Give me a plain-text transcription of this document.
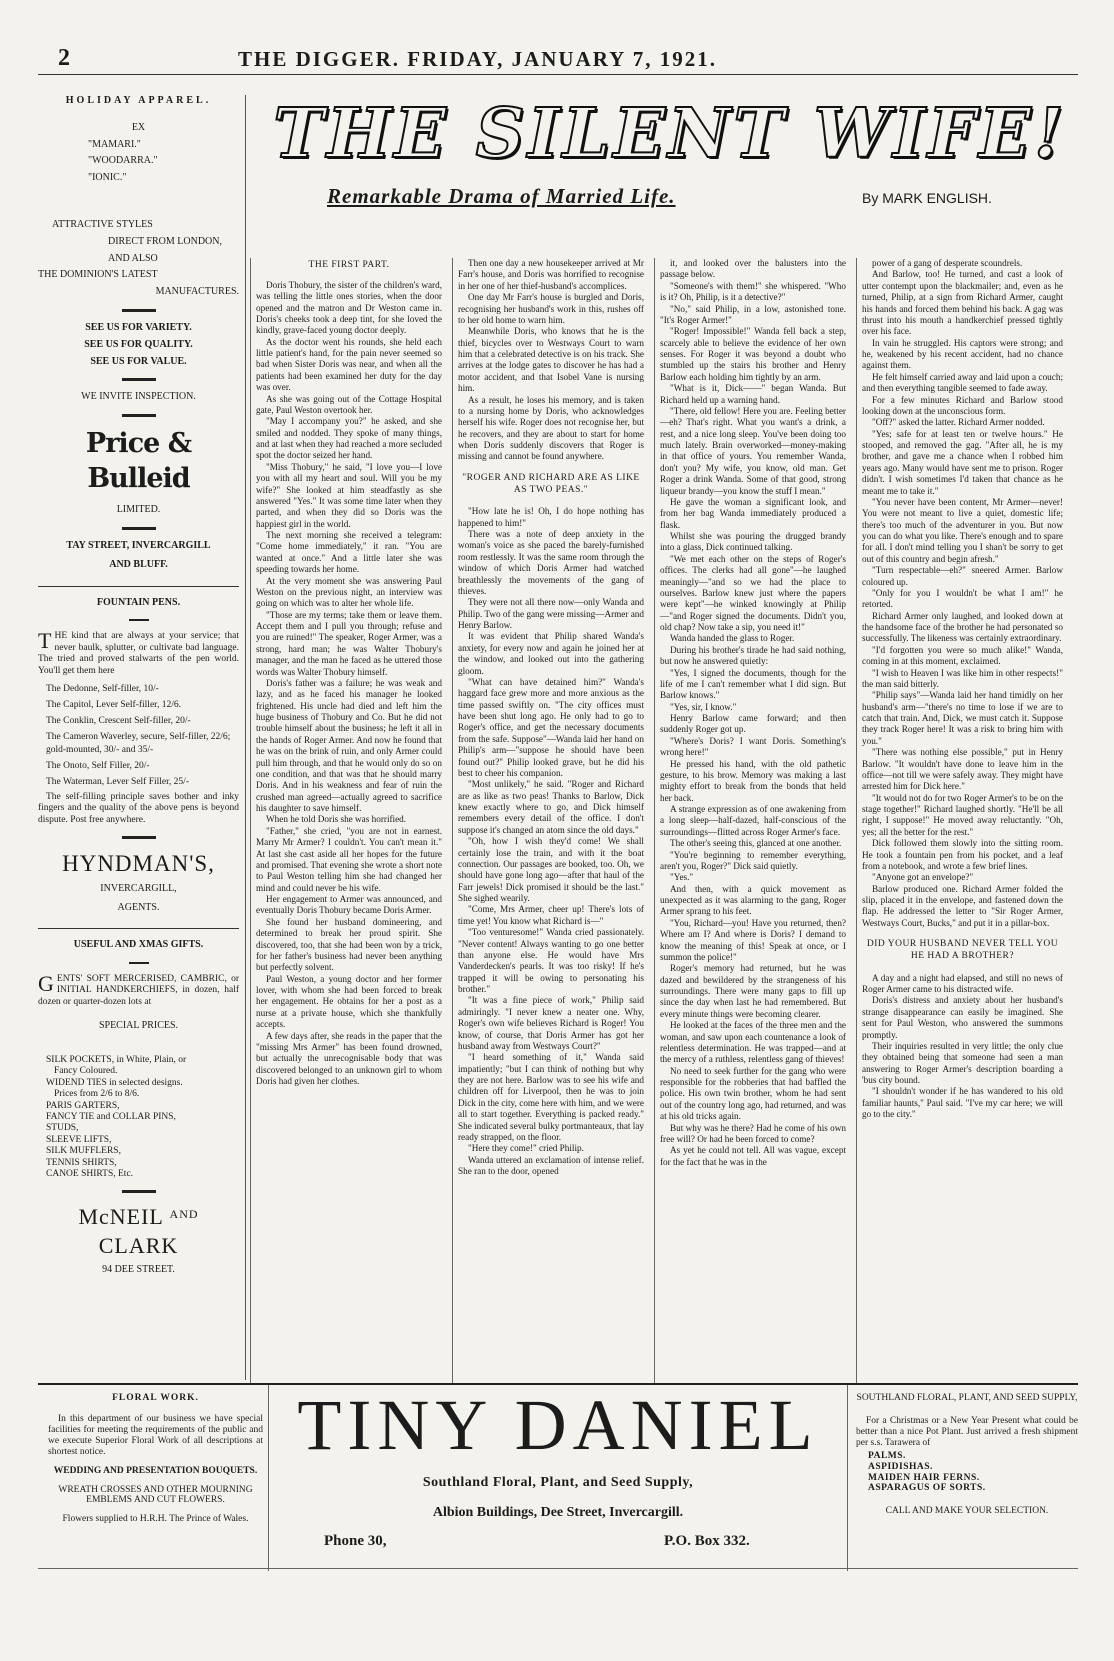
2	THE DIGGER. FRIDAY, JANUARY 7, 1921.
HOLIDAY APPAREL.
EX
"MAMARI."
"WOODARRA."
"IONIC."
ATTRACTIVE STYLES
DIRECT FROM LONDON,
AND ALSO
THE DOMINION'S LATEST
MANUFACTURES.
SEE US FOR VARIETY.
SEE US FOR QUALITY.
SEE US FOR VALUE.
WE INVITE INSPECTION.
Price & Bulleid
LIMITED.
TAY STREET, INVERCARGILL
AND BLUFF.
FOUNTAIN PENS.
THE kind that are always at your service; that never baulk, splutter, or cultivate bad language. The tried and proved stalwarts of the pen world. You'll get them here
The Dedonne, Self-filler, 10/-
The Capitol, Lever Self-filler, 12/6.
The Conklin, Crescent Self-filler, 20/-
The Cameron Waverley, secure, Self-filler, 22/6; gold-mounted, 30/- and 35/-
The Onoto, Self Filler, 20/-
The Waterman, Lever Self Filler, 25/-
The self-filling principle saves bother and inky fingers and the quality of the above pens is beyond dispute. Post free anywhere.
HYNDMAN'S,
INVERCARGILL,
AGENTS.
USEFUL AND XMAS GIFTS.
GENTS' SOFT MERCERISED, CAMBRIC, or INITIAL HANDKERCHIEFS, in dozen, half dozen or quarter-dozen lots at
SPECIAL PRICES.
SILK POCKETS, in White, Plain, or
Fancy Coloured.
WIDEND TIES in selected designs.
Prices from 2/6 to 8/6.
PARIS GARTERS,
FANCY TIE and COLLAR PINS,
STUDS,
SLEEVE LIFTS,
SILK MUFFLERS,
TENNIS SHIRTS,
CANOE SHIRTS, Etc.
McNEIL $^{AND}$ CLARK
94 DEE STREET.
THE SILENT WIFE!
Remarkable Drama of Married Life.	By MARK ENGLISH.
THE FIRST PART.

Doris Thobury, the sister of the children's ward, was telling the little ones stories, when the door opened and the matron and Dr Weston came in. Doris's cheeks took a deep tint, for she loved the kindly, grave-faced young doctor deeply.

As the doctor went his rounds, she held each little patient's hand, for the pain never seemed so bad when Sister Doris was near, and when all the patients had been examined her duty for the day was over.

As she was going out of the Cottage Hospital gate, Paul Weston overtook her.

"May I accompany you?" he asked, and she smiled and nodded. They spoke of many things, and at last when they had reached a more secluded spot the doctor seized her hand.

"Miss Thobury," he said, "I love you—I love you with all my heart and soul. Will you be my wife?" She looked at him steadfastly as she answered "Yes." It was some time later when they parted, and when they did so Doris was the happiest girl in the world.

The next morning she received a telegram: "Come home immediately," it ran. "You are wanted at once." And a little later she was speeding towards her home.

At the very moment she was answering Paul Weston on the previous night, an interview was going on which was to alter her whole life.

"Those are my terms; take them or leave them. Accept them and I pull you through; refuse and you are ruined!" The speaker, Roger Armer, was a strong, hard man; he was Walter Thobury's manager, and the man he faced as he uttered those words was Walter Thobury himself.

Doris's father was a failure; he was weak and lazy, and as he faced his manager he looked frightened. His uncle had died and left him the huge business of Thobury and Co. But he did not trouble himself about the business; he left it all in the hands of Roger Armer. And now he found that he was on the brink of ruin, and only Armer could pull him through, and that he would only do so on one condition, and that was that he should marry Doris. And in his weakness and fear of ruin the crushed man agreed—actually agreed to sacrifice his daughter to save himself.

When he told Doris she was horrified.

"Father," she cried, "you are not in earnest. Marry Mr Armer? I couldn't. You can't mean it." At last she cast aside all her hopes for the future and promised. That evening she wrote a short note to Paul Weston telling him she had changed her mind and could never be his wife.

Her engagement to Armer was announced, and eventually Doris Thobury became Doris Armer.

She found her husband domineering, and determined to break her proud spirit. She discovered, too, that she had been won by a trick, for her father's business had never been anything but perfectly solvent.

Paul Weston, a young doctor and her former lover, with whom she had been forced to break her engagement. He obtains for her a post as a nurse at a private house, which she thankfully accepts.

A few days after, she reads in the paper that the "missing Mrs Armer" has been found drowned, but actually the unrecognisable body that was discovered belonged to an unknown girl to whom Doris had given her clothes.

Then one day a new housekeeper arrived at Mr Farr's house, and Doris was horrified to recognise in her one of her thief-husband's accomplices.

One day Mr Farr's house is burgled and Doris, recognising her husband's work in this, rushes off to her old home to warn him.

Meanwhile Doris, who knows that he is the thief, bicycles over to Westways Court to warn him that a celebrated detective is on his track. She arrives at the lodge gates to discover he has had a motor accident, and that Isobel Vane is nursing him.

As a result, he loses his memory, and is taken to a nursing home by Doris, who acknowledges herself his wife. Roger does not recognise her, but he recovers, and they are about to start for home when Doris suddenly discovers that Roger is missing and cannot be found anywhere.

"ROGER AND RICHARD ARE AS LIKE AS TWO PEAS."

"How late he is! Oh, I do hope nothing has happened to him!"

There was a note of deep anxiety in the woman's voice as she paced the barely-furnished room restlessly. It was the same room through the window of which Doris Armer had watched breathlessly the movements of the gang of thieves.

They were not all there now—only Wanda and Philip. Two of the gang were missing—Armer and Henry Barlow.

It was evident that Philip shared Wanda's anxiety, for every now and again he joined her at the window, and looked out into the gathering gloom.

"What can have detained him?" Wanda's haggard face grew more and more anxious as the time passed swiftly on. "The city offices must have been shut long ago. He only had to go to Roger's office, and get the necessary documents from the safe. Suppose"—Wanda laid her hand on Philip's arm—"suppose he should have been found out?" Philip looked grave, but he did his best to cheer his companion.

"Most unlikely," he said. "Roger and Richard are as like as two peas! Thanks to Barlow, Dick knew exactly where to go, and Dick himself remembers every detail of the office. I don't suppose it's changed an atom since the old days."

"Oh, how I wish they'd come! We shall certainly lose the train, and with it the boat connection. Our passages are booked, too. Oh, we should have gone long ago—after that haul of the Farr jewels! Dick promised it should be the last." She sighed wearily.

"Come, Mrs Armer, cheer up! There's lots of time yet! You know what Richard is—"

"Too venturesome!" Wanda cried passionately. "Never content! Always wanting to go one better than anyone else. He would have Mrs Vanderdecken's pearls. It was too risky! If he's trapped it will be owing to personating his brother."

"It was a fine piece of work," Philip said admiringly. "I never knew a neater one. Why, Roger's own wife believes Richard is Roger! You know, of course, that Doris Armer has got her husband away from Westways Court?"

"I heard something of it," Wanda said impatiently; "but I can think of nothing but why they are not here. Barlow was to see his wife and children off for Liverpool, then he was to join Dick in the city, come here with him, and we were all to start together. Everything is packed ready." She indicated several bulky portmanteaux, that lay ready strapped, on the floor.

"Here they come!" cried Philip.

Wanda uttered an exclamation of intense relief. She ran to the door, opened

it, and looked over the balusters into the passage below.

"Someone's with them!" she whispered. "Who is it? Oh, Philip, is it a detective?"

"No," said Philip, in a low, astonished tone. "It's Roger Armer!"

"Roger! Impossible!" Wanda fell back a step, scarcely able to believe the evidence of her own senses. For Roger it was beyond a doubt who stumbled up the stairs his brother and Henry Barlow each holding him tightly by an arm.

"What is it, Dick——" began Wanda. But Richard held up a warning hand.

"There, old fellow! Here you are. Feeling better—eh? That's right. What you want's a drink, a rest, and a nice long sleep. You've been doing too much lately. Brain overworked—money-making in that office of yours. You remember Wanda, don't you? My wife, you know, old man. Get Roger a drink Wanda. Some of that good, strong liqueur brandy—you know the stuff I mean."

He gave the woman a significant look, and from her bag Wanda immediately produced a flask.

Whilst she was pouring the drugged brandy into a glass, Dick continued talking.

"We met each other on the steps of Roger's offices. The clerks had all gone"—he laughed meaningly—"and so we had the place to ourselves. Barlow knew just where the papers were kept"—he winked knowingly at Philip—"and Roger signed the documents. Didn't you, old chap? Now take a sip, you need it!"

Wanda handed the glass to Roger.

During his brother's tirade he had said nothing, but now he answered quietly:

"Yes, I signed the documents, though for the life of me I can't remember what I did sign. But Barlow knows."

"Yes, sir, I know."

Henry Barlow came forward; and then suddenly Roger got up.

"Where's Doris? I want Doris. Something's wrong here!"

He pressed his hand, with the old pathetic gesture, to his brow. Memory was making a last mighty effort to break from the bonds that held her back.

A strange expression as of one awakening from a long sleep—half-dazed, half-conscious of the surroundings—flitted across Roger Armer's face.

The other's seeing this, glanced at one another.

"You're beginning to remember everything, aren't you, Roger?" Dick said quietly.

"Yes."

And then, with a quick movement as unexpected as it was alarming to the gang, Roger Armer sprang to his feet.

"You, Richard—you! Have you returned, then? Where am I? And where is Doris? I demand to know the meaning of this! Speak at once, or I summon the police!"

Roger's memory had returned, but he was dazed and bewildered by the strangeness of his surroundings. There were many gaps to fill up since the day when last he had remembered. But every minute things were becoming clearer.

He looked at the faces of the three men and the woman, and saw upon each countenance a look of relentless determination. He was trapped—and at the mercy of a ruthless, relentless gang of thieves!

No need to seek further for the gang who were responsible for the robberies that had baffled the police. His own twin brother, whom he had sent out of the country long ago, had returned, and was at his old tricks again.

But why was he there? Had he come of his own free will? Or had he been forced to come?

As yet he could not tell. All was vague, except for the fact that he was in the

power of a gang of desperate scoundrels.

And Barlow, too! He turned, and cast a look of utter contempt upon the blackmailer; and, even as he turned, Philip, at a sign from Richard Armer, caught his hands and forced them behind his back. A gag was thrust into his mouth a handkerchief pressed tightly over his face.

In vain he struggled. His captors were strong; and he, weakened by his recent accident, had no chance against them.

He felt himself carried away and laid upon a couch; and then everything tangible seemed to fade away.

For a few minutes Richard and Barlow stood looking down at the unconscious form.

"Off?" asked the latter. Richard Armer nodded.

"Yes; safe for at least ten or twelve hours." He stooped, and removed the gag. "After all, he is my brother, and gave me a chance when I robbed him years ago. Many would have sent me to prison. Roger didn't. I wish sometimes I'd taken that chance as he meant me to take it."

"You never have been content, Mr Armer—never! You were not meant to live a quiet, domestic life; there's too much of the adventurer in you. But now you can do what you like. There's enough and to spare for all. I don't mind telling you I shan't be sorry to get out of this country and begin afresh."

"Turn respectable—eh?" sneered Armer. Barlow coloured up.

"Only for you I wouldn't be what I am!" he retorted.

Richard Armer only laughed, and looked down at the handsome face of the brother he had personated so successfully. The likeness was certainly extraordinary.

"I'd forgotten you were so much alike!" Wanda, coming in at this moment, exclaimed.

"I wish to Heaven I was like him in other respects!" the man said bitterly.

"Philip says"—Wanda laid her hand timidly on her husband's arm—"there's no time to lose if we are to catch that train. And, Dick, we must catch it. Suppose they track Roger here! It was a risk to bring him with you."

"There was nothing else possible," put in Henry Barlow. "It wouldn't have done to leave him in the office—not till we were safely away. They might have arrested him for Dick here."

"It would not do for two Roger Armer's to be on the stage together!" Richard laughed shortly. "He'll be all right, I suppose!" He moved away reluctantly. "Oh, yes; all the better for the rest."

Dick followed them slowly into the sitting room. He took a fountain pen from his pocket, and a leaf from a notebook, and wrote a few brief lines.

"Anyone got an envelope?"

Barlow produced one. Richard Armer folded the slip, placed it in the envelope, and fastened down the flap. He addressed the letter to "Sir Roger Armer, Westways Court, Bucks," and put it in a pillar-box.

DID YOUR HUSBAND NEVER TELL YOU HE HAD A BROTHER?

A day and a night had elapsed, and still no news of Roger Armer came to his distracted wife.

Doris's distress and anxiety about her husband's strange disappearance can easily be imagined. She sent for Paul Weston, who answered the summons promptly.

Their inquiries resulted in very little; the only clue they obtained being that someone had seen a man answering to Roger Armer's description boarding a 'bus city bound.

"I shouldn't wonder if he has wandered to his old familiar haunts," Paul said. "I've my car here; we will go to the city."

FLORAL WORK.
In this department of our business we have special facilities for meeting the requirements of the public and we execute Superior Floral Work of all descriptions at shortest notice.
WEDDING AND PRESENTATION BOUQUETS.
WREATH CROSSES AND OTHER MOURNING EMBLEMS AND CUT FLOWERS.
Flowers supplied to H.R.H. The Prince of Wales.
TINY DANIEL
Southland Floral, Plant, and Seed Supply,
Albion Buildings, Dee Street, Invercargill.
Phone 30,	P.O. Box 332.
SOUTHLAND FLORAL, PLANT, AND SEED SUPPLY,
For a Christmas or a New Year Present what could be better than a nice Pot Plant. Just arrived a fresh shipment per s.s. Tarawera of
PALMS.
ASPIDISHAS.
MAIDEN HAIR FERNS.
ASPARAGUS OF SORTS.
CALL AND MAKE YOUR SELECTION.
